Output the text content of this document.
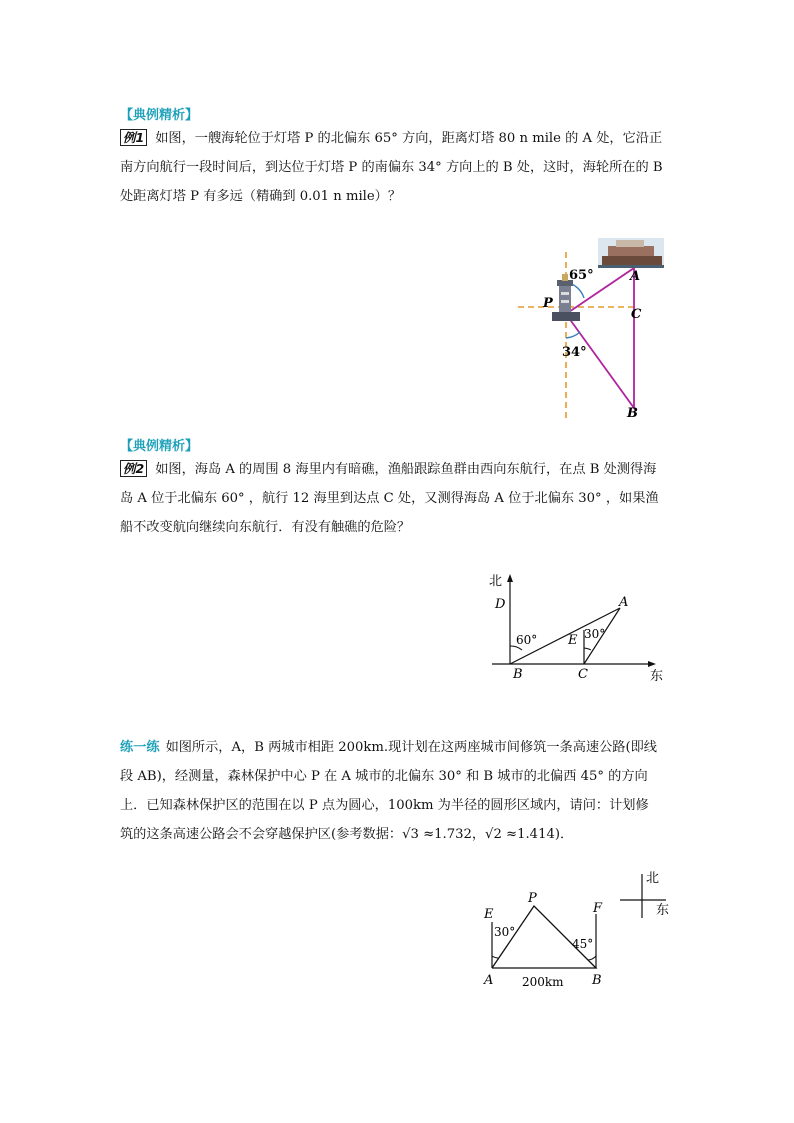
【典例精析】
例1 如图，一艘海轮位于灯塔 P 的北偏东 65° 方向，距离灯塔 80 n mile 的 A 处，它沿正
南方向航行一段时间后，到达位于灯塔 P 的南偏东 34° 方向上的 B 处，这时，海轮所在的 B
处距离灯塔 P 有多远（精确到 0.01 n mile）？
65°
34°
P
A
C
B
【典例精析】
例2 如图，海岛 A 的周围 8 海里内有暗礁，渔船跟踪鱼群由西向东航行，在点 B 处测得海
岛 A 位于北偏东 60° ，航行 12 海里到达点 C 处，又测得海岛 A 位于北偏东 30° ，如果渔
船不改变航向继续向东航行．有没有触礁的危险？
北
东
D	A
B	C
E
60°	30°
练一练 如图所示，A，B 两城市相距 200km.现计划在这两座城市间修筑一条高速公路(即线
段 AB)，经测量，森林保护中心 P 在 A 城市的北偏东 30° 和 B 城市的北偏西 45° 的方向
上．已知森林保护区的范围在以 P 点为圆心，100km 为半径的圆形区域内，请问：计划修
筑的这条高速公路会不会穿越保护区(参考数据：√3 ≈1.732，√2 ≈1.414)．
北
东
P
E	F
A	B
30°
45°
200km
